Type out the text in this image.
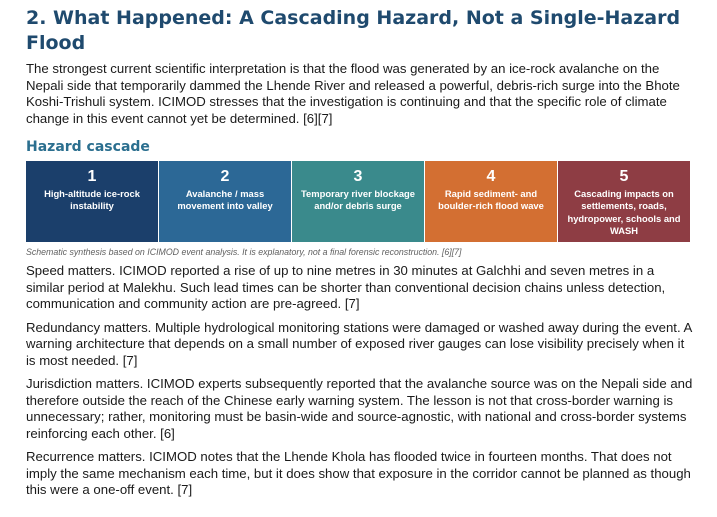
2. What Happened: A Cascading Hazard, Not a Single-Hazard Flood

The strongest current scientific interpretation is that the flood was generated by an ice-rock avalanche on the Nepali side that temporarily dammed the Lhende River and released a powerful, debris-rich surge into the Bhote Koshi-Trishuli system. ICIMOD stresses that the investigation is continuing and that the specific role of climate change in this event cannot yet be determined. [6][7]

Hazard cascade
1
High-altitude ice-rock instability
2
Avalanche / mass movement into valley
3
Temporary river blockage and/or debris surge
4
Rapid sediment- and boulder-rich flood wave
5
Cascading impacts on settlements, roads, hydropower, schools and WASH

Schematic synthesis based on ICIMOD event analysis. It is explanatory, not a final forensic reconstruction. [6][7]

Speed matters. ICIMOD reported a rise of up to nine metres in 30 minutes at Galchhi and seven metres in a similar period at Malekhu. Such lead times can be shorter than conventional decision chains unless detection, communication and community action are pre-agreed. [7]

Redundancy matters. Multiple hydrological monitoring stations were damaged or washed away during the event. A warning architecture that depends on a small number of exposed river gauges can lose visibility precisely when it is most needed. [7]

Jurisdiction matters. ICIMOD experts subsequently reported that the avalanche source was on the Nepali side and therefore outside the reach of the Chinese early warning system. The lesson is not that cross-border warning is unnecessary; rather, monitoring must be basin-wide and source-agnostic, with national and cross-border systems reinforcing each other. [6]

Recurrence matters. ICIMOD notes that the Lhende Khola has flooded twice in fourteen months. That does not imply the same mechanism each time, but it does show that exposure in the corridor cannot be planned as though this were a one-off event. [7]
